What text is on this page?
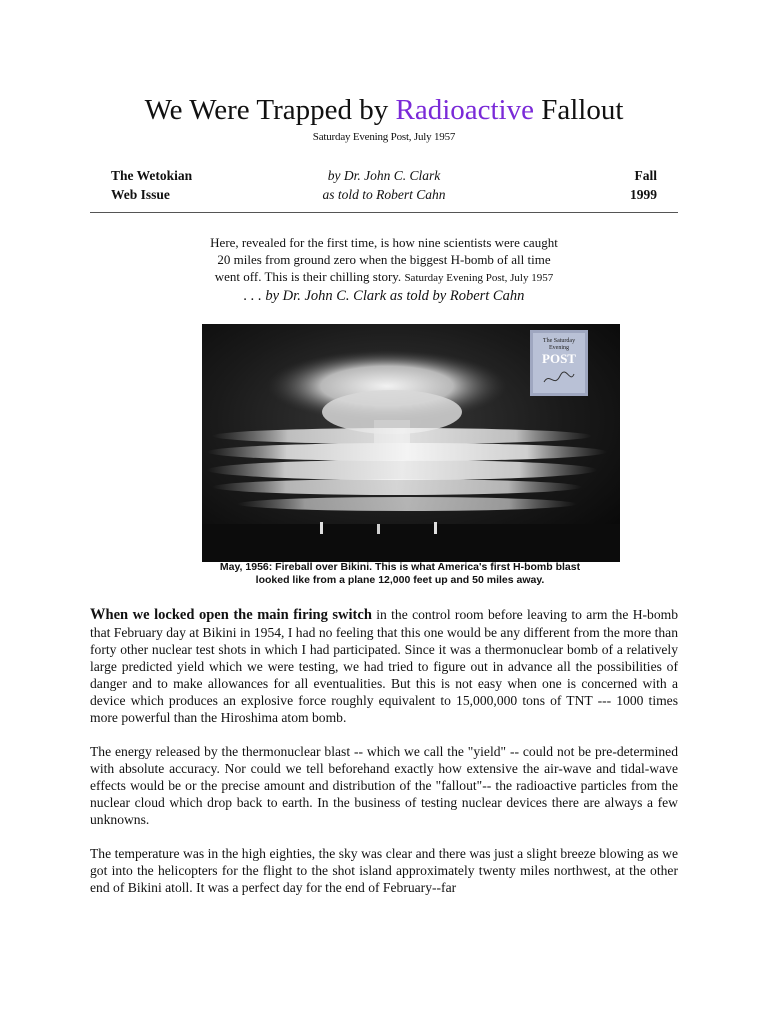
We Were Trapped by Radioactive Fallout
Saturday Evening Post, July 1957
The Wetokian
Web Issue
by Dr. John C. Clark
as told to Robert Cahn
Fall
1999
Here, revealed for the first time, is how nine scientists were caught
20 miles from ground zero when the biggest H-bomb of all time
went off. This is their chilling story. Saturday Evening Post, July 1957
. . . by Dr. John C. Clark as told by Robert Cahn
The Saturday
Evening
POST
May, 1956: Fireball over Bikini. This is what America's first H-bomb blast
looked like from a plane 12,000 feet up and 50 miles away.

When we locked open the main firing switch in the control room before leaving to arm the H-bomb that February day at Bikini in 1954, I had no feeling that this one would be any different from the more than forty other nuclear test shots in which I had participated. Since it was a thermonuclear bomb of a relatively large predicted yield which we were testing, we had tried to figure out in advance all the possibilities of danger and to make allowances for all eventualities. But this is not easy when one is concerned with a device which produces an explosive force roughly equivalent to 15,000,000 tons of TNT --- 1000 times more powerful than the Hiroshima atom bomb.

The energy released by the thermonuclear blast -- which we call the "yield" -- could not be pre-determined with absolute accuracy. Nor could we tell beforehand exactly how extensive the air-wave and tidal-wave effects would be or the precise amount and distribution of the "fallout"-- the radioactive particles from the nuclear cloud which drop back to earth. In the business of testing nuclear devices there are always a few unknowns.

The temperature was in the high eighties, the sky was clear and there was just a slight breeze blowing as we got into the helicopters for the flight to the shot island approximately twenty miles northwest, at the other end of Bikini atoll. It was a perfect day for the end of February--far
